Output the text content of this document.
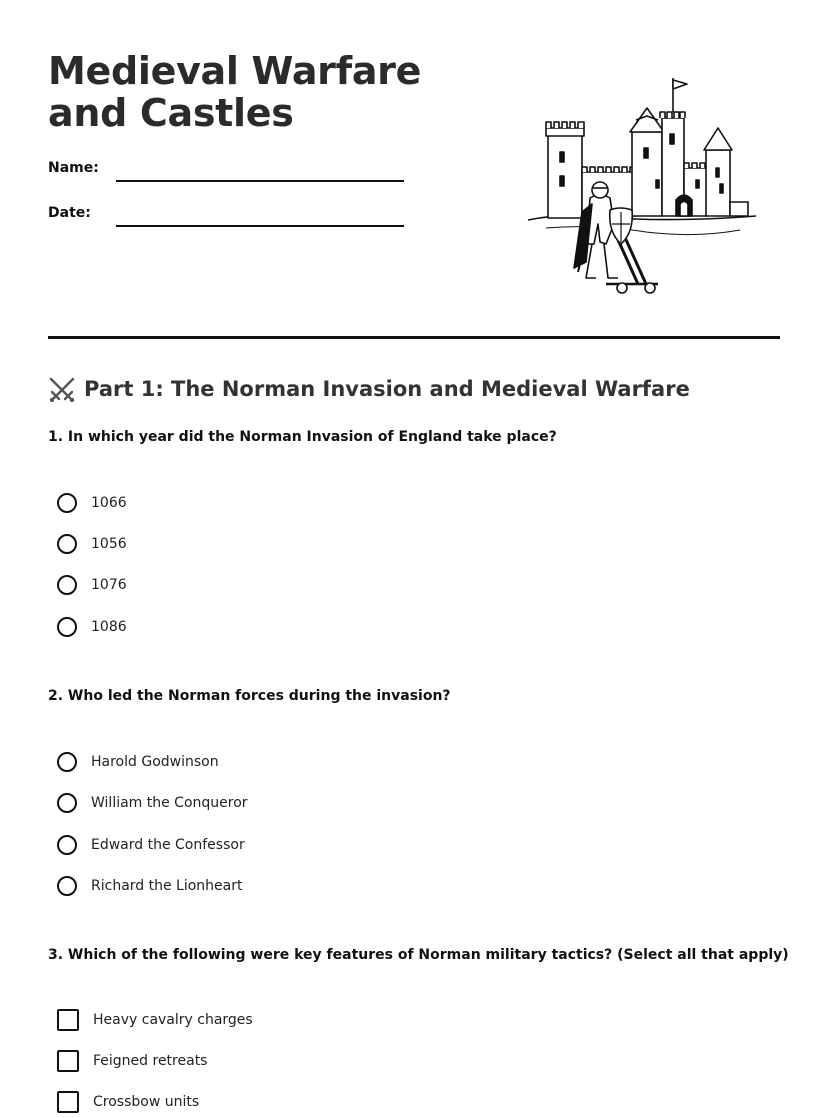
Medieval Warfare and Castles
Name:
Date:
Part 1: The Norman Invasion and Medieval Warfare
1. In which year did the Norman Invasion of England take place?
1066
1056
1076
1086
2. Who led the Norman forces during the invasion?
Harold Godwinson
William the Conqueror
Edward the Confessor
Richard the Lionheart
3. Which of the following were key features of Norman military tactics? (Select all that apply)
Heavy cavalry charges
Feigned retreats
Crossbow units
